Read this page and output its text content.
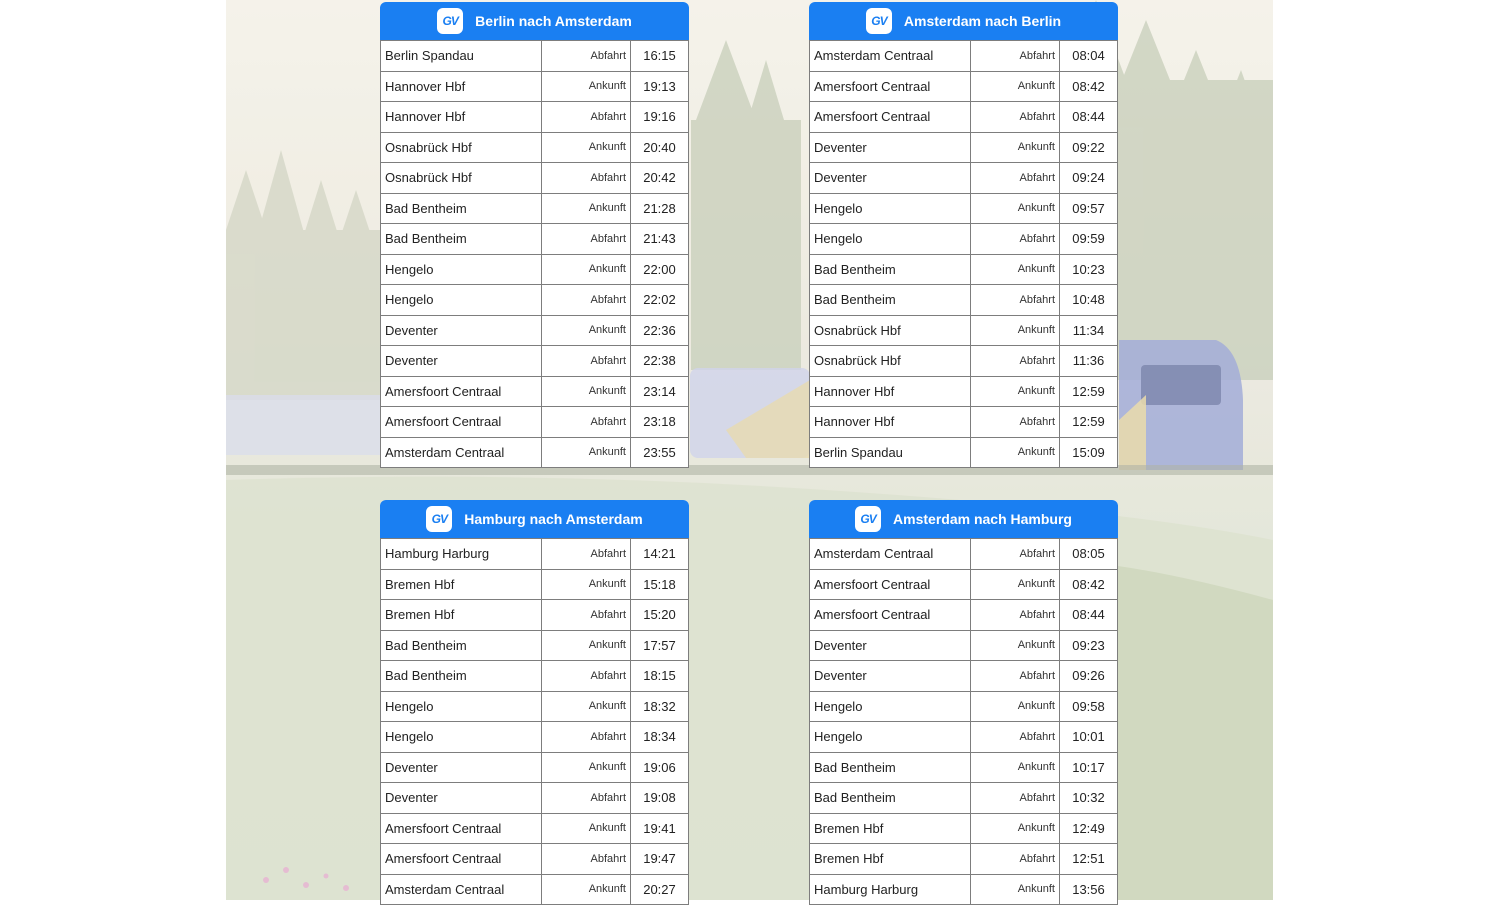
GV	Berlin nach Amsterdam
Berlin Spandau	Abfahrt	16:15
Hannover Hbf	Ankunft	19:13
Hannover Hbf	Abfahrt	19:16
Osnabrück Hbf	Ankunft	20:40
Osnabrück Hbf	Abfahrt	20:42
Bad Bentheim	Ankunft	21:28
Bad Bentheim	Abfahrt	21:43
Hengelo	Ankunft	22:00
Hengelo	Abfahrt	22:02
Deventer	Ankunft	22:36
Deventer	Abfahrt	22:38
Amersfoort Centraal	Ankunft	23:14
Amersfoort Centraal	Abfahrt	23:18
Amsterdam Centraal	Ankunft	23:55
GV	Amsterdam nach Berlin
Amsterdam Centraal	Abfahrt	08:04
Amersfoort Centraal	Ankunft	08:42
Amersfoort Centraal	Abfahrt	08:44
Deventer	Ankunft	09:22
Deventer	Abfahrt	09:24
Hengelo	Ankunft	09:57
Hengelo	Abfahrt	09:59
Bad Bentheim	Ankunft	10:23
Bad Bentheim	Abfahrt	10:48
Osnabrück Hbf	Ankunft	11:34
Osnabrück Hbf	Abfahrt	11:36
Hannover Hbf	Ankunft	12:59
Hannover Hbf	Abfahrt	12:59
Berlin Spandau	Ankunft	15:09
GV	Hamburg nach Amsterdam
Hamburg Harburg	Abfahrt	14:21
Bremen Hbf	Ankunft	15:18
Bremen Hbf	Abfahrt	15:20
Bad Bentheim	Ankunft	17:57
Bad Bentheim	Abfahrt	18:15
Hengelo	Ankunft	18:32
Hengelo	Abfahrt	18:34
Deventer	Ankunft	19:06
Deventer	Abfahrt	19:08
Amersfoort Centraal	Ankunft	19:41
Amersfoort Centraal	Abfahrt	19:47
Amsterdam Centraal	Ankunft	20:27
GV	Amsterdam nach Hamburg
Amsterdam Centraal	Abfahrt	08:05
Amersfoort Centraal	Ankunft	08:42
Amersfoort Centraal	Abfahrt	08:44
Deventer	Ankunft	09:23
Deventer	Abfahrt	09:26
Hengelo	Ankunft	09:58
Hengelo	Abfahrt	10:01
Bad Bentheim	Ankunft	10:17
Bad Bentheim	Abfahrt	10:32
Bremen Hbf	Ankunft	12:49
Bremen Hbf	Abfahrt	12:51
Hamburg Harburg	Ankunft	13:56
